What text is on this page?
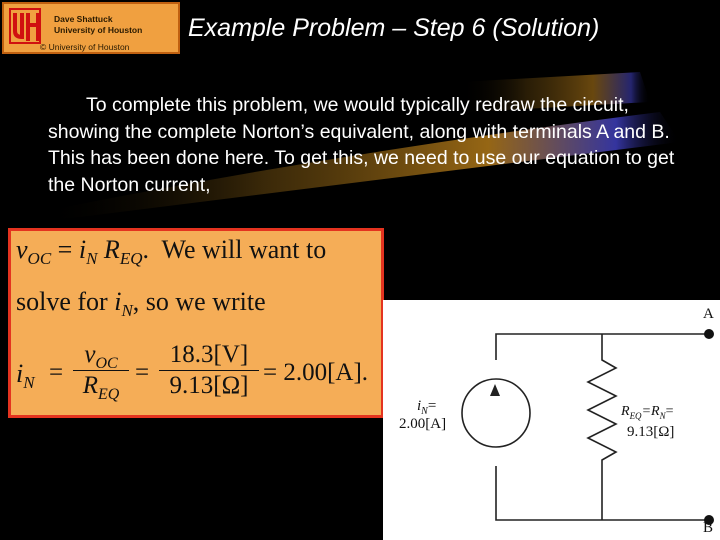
Dave Shattuck
University of Houston
© University of Houston
Example Problem – Step 6 (Solution)
To complete this problem, we would typically redraw the circuit, showing the complete Norton’s equivalent, along with terminals A and B. This has been done here. To get this, we need to use our equation to get the Norton current,
$v_{OC} = i_N$ $R_{EQ}$.  We will want to
solve for $i_N$, so we write
$i_N$ =
$v_{OC}$
$R_{EQ}$
=
18.3[V]
9.13[Ω] = 2.00[A].
A
B
$i_N=$
2.00[A]
$R_{EQ}=R_N=$
9.13[Ω]
